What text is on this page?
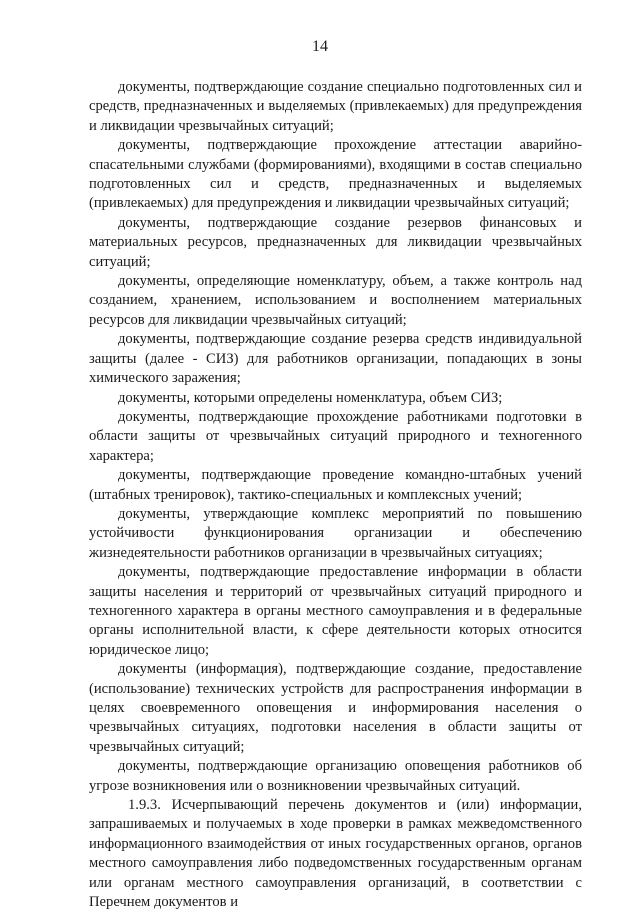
14

документы, подтверждающие создание специально подготовленных сил и средств, предназначенных и выделяемых (привлекаемых) для предупреждения и ликвидации чрезвычайных ситуаций;

документы, подтверждающие прохождение аттестации аварийно-спасательными службами (формированиями), входящими в состав специально подготовленных сил и средств, предназначенных и выделяемых (привлекаемых) для предупреждения и ликвидации чрезвычайных ситуаций;

документы, подтверждающие создание резервов финансовых и материальных ресурсов, предназначенных для ликвидации чрезвычайных ситуаций;

документы, определяющие номенклатуру, объем, а также контроль над созданием, хранением, использованием и восполнением материальных ресурсов для ликвидации чрезвычайных ситуаций;

документы, подтверждающие создание резерва средств индивидуальной защиты (далее - СИЗ) для работников организации, попадающих в зоны химического заражения;

документы, которыми определены номенклатура, объем СИЗ;

документы, подтверждающие прохождение работниками подготовки в области защиты от чрезвычайных ситуаций природного и техногенного характера;

документы, подтверждающие проведение командно-штабных учений (штабных тренировок), тактико-специальных и комплексных учений;

документы, утверждающие комплекс мероприятий по повышению устойчивости функционирования организации и обеспечению жизнедеятельности работников организации в чрезвычайных ситуациях;

документы, подтверждающие предоставление информации в области защиты населения и территорий от чрезвычайных ситуаций природного и техногенного характера в органы местного самоуправления и в федеральные органы исполнительной власти, к сфере деятельности которых относится юридическое лицо;

документы (информация), подтверждающие создание, предоставление (использование) технических устройств для распространения информации в целях своевременного оповещения и информирования населения о чрезвычайных ситуациях, подготовки населения в области защиты от чрезвычайных ситуаций;

документы, подтверждающие организацию оповещения работников об угрозе возникновения или о возникновении чрезвычайных ситуаций.

1.9.3. Исчерпывающий перечень документов и (или) информации, запрашиваемых и получаемых в ходе проверки в рамках межведомственного информационного взаимодействия от иных государственных органов, органов местного самоуправления либо подведомственных государственным органам или органам местного самоуправления организаций, в соответствии с Перечнем документов и
